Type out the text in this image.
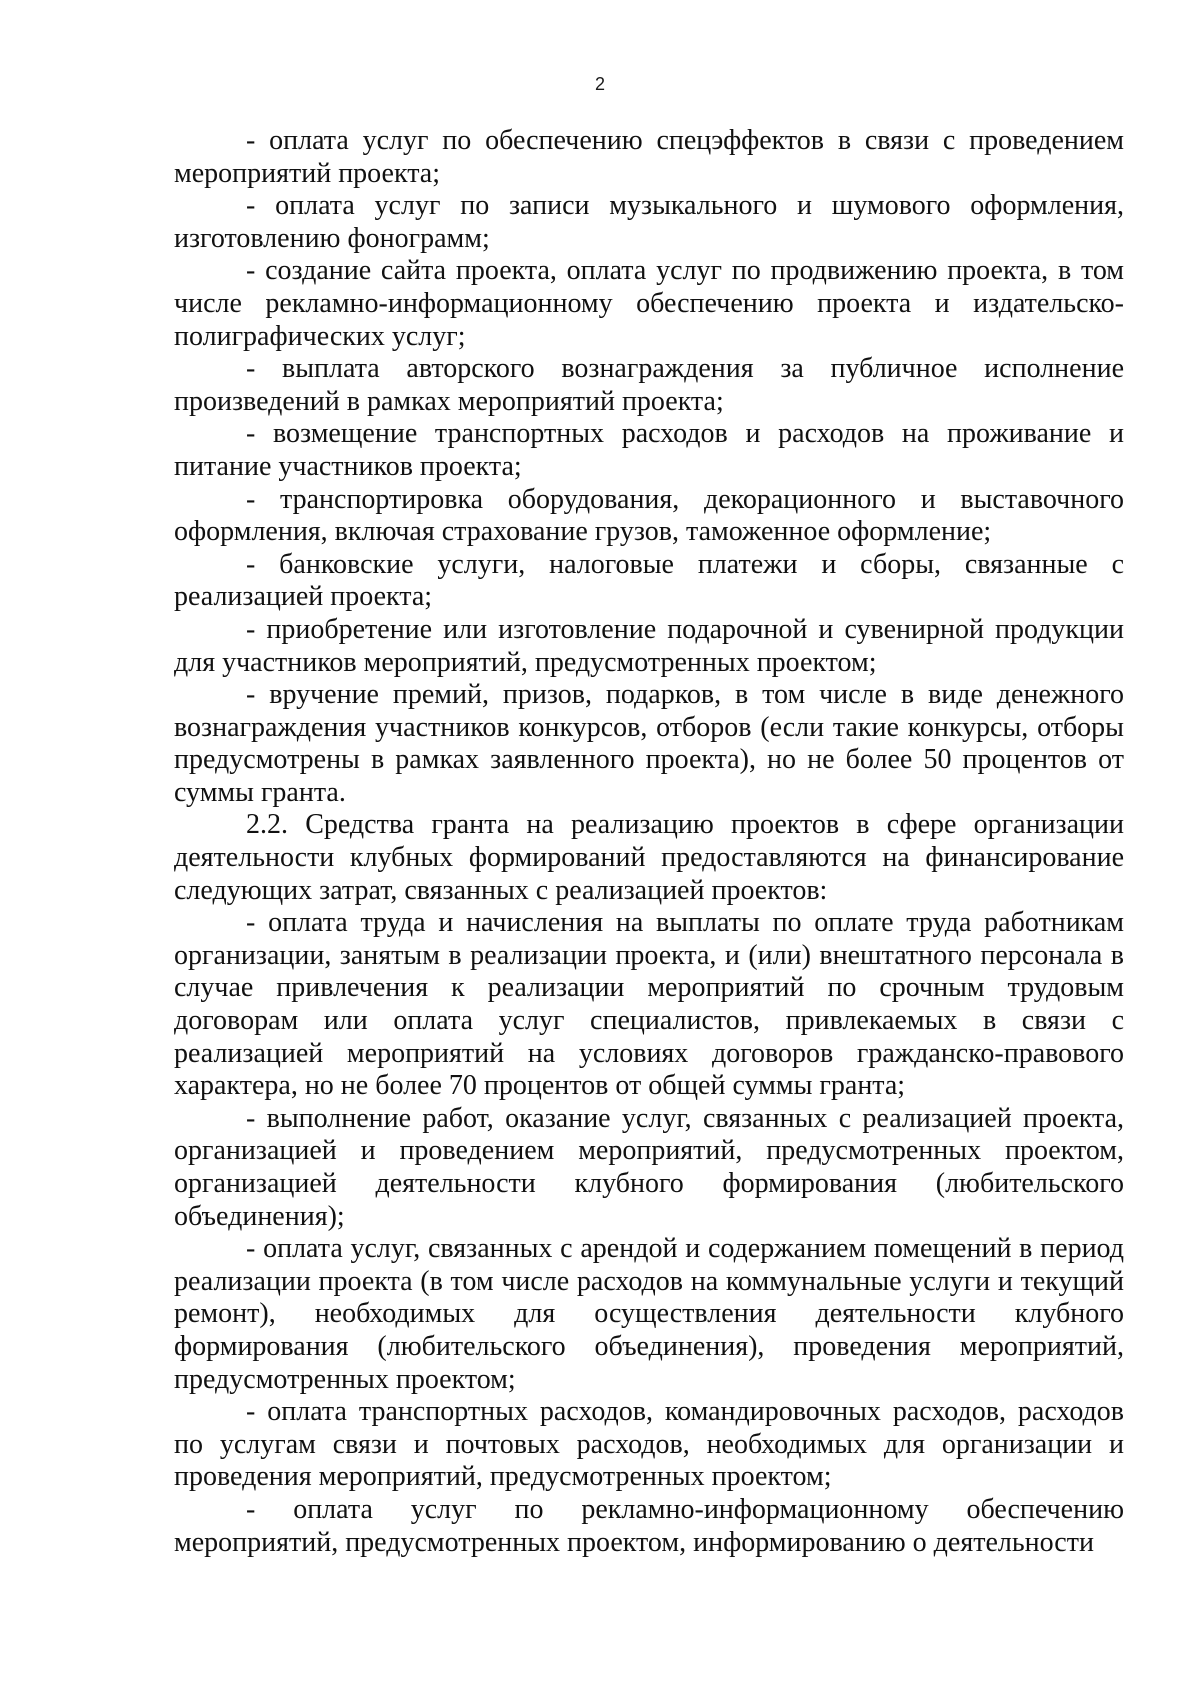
2

- оплата услуг по обеспечению спецэффектов в связи с проведением мероприятий проекта;

- оплата услуг по записи музыкального и шумового оформления, изготовлению фонограмм;

- создание сайта проекта, оплата услуг по продвижению проекта, в том числе рекламно-информационному обеспечению проекта и издательско-полиграфических услуг;

- выплата авторского вознаграждения за публичное исполнение произведений в рамках мероприятий проекта;

- возмещение транспортных расходов и расходов на проживание и питание участников проекта;

- транспортировка оборудования, декорационного и выставочного оформления, включая страхование грузов, таможенное оформление;

- банковские услуги, налоговые платежи и сборы, связанные с реализацией проекта;

- приобретение или изготовление подарочной и сувенирной продукции для участников мероприятий, предусмотренных проектом;

- вручение премий, призов, подарков, в том числе в виде денежного вознаграждения участников конкурсов, отборов (если такие конкурсы, отборы предусмотрены в рамках заявленного проекта), но не более 50 процентов от суммы гранта.

2.2. Средства гранта на реализацию проектов в сфере организации деятельности клубных формирований предоставляются на финансирование следующих затрат, связанных с реализацией проектов:

- оплата труда и начисления на выплаты по оплате труда работникам организации, занятым в реализации проекта, и (или) внештатного персонала в случае привлечения к реализации мероприятий по срочным трудовым договорам или оплата услуг специалистов, привлекаемых в связи с реализацией мероприятий на условиях договоров гражданско-правового характера, но не более 70 процентов от общей суммы гранта;

- выполнение работ, оказание услуг, связанных с реализацией проекта, организацией и проведением мероприятий, предусмотренных проектом, организацией деятельности клубного формирования (любительского объединения);

- оплата услуг, связанных с арендой и содержанием помещений в период реализации проекта (в том числе расходов на коммунальные услуги и текущий ремонт), необходимых для осуществления деятельности клубного формирования (любительского объединения), проведения мероприятий, предусмотренных проектом;

- оплата транспортных расходов, командировочных расходов, расходов по услугам связи и почтовых расходов, необходимых для организации и проведения мероприятий, предусмотренных проектом;

- оплата услуг по рекламно-информационному обеспечению мероприятий, предусмотренных проектом, информированию о деятельности
